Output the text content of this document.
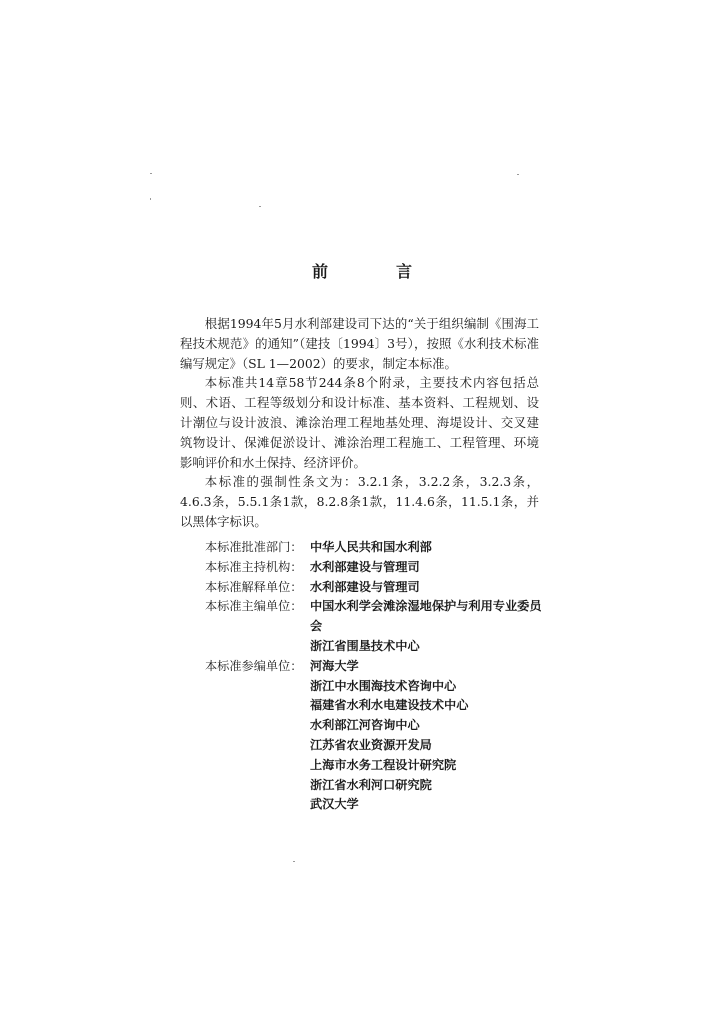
前　言

根据1994年5月水利部建设司下达的“关于组织编制《围海工程技术规范》的通知”（建技〔1994〕3号），按照《水利技术标准编写规定》（SL 1—2002）的要求，制定本标准。

本标准共14章58节244条8个附录，主要技术内容包括总则、术语、工程等级划分和设计标准、基本资料、工程规划、设计潮位与设计波浪、滩涂治理工程地基处理、海堤设计、交叉建筑物设计、保滩促淤设计、滩涂治理工程施工、工程管理、环境影响评价和水土保持、经济评价。

本标准的强制性条文为：3.2.1条，3.2.2条，3.2.3条，4.6.3条，5.5.1条1款，8.2.8条1款，11.4.6条，11.5.1条，并以黑体字标识。

本标准批准部门： 中华人民共和国水利部
本标准主持机构： 水利部建设与管理司
本标准解释单位： 水利部建设与管理司
本标准主编单位： 中国水利学会滩涂湿地保护与利用专业委员会
浙江省围垦技术中心
本标准参编单位： 河海大学
浙江中水围海技术咨询中心
福建省水利水电建设技术中心
水利部江河咨询中心
江苏省农业资源开发局
上海市水务工程设计研究院
浙江省水利河口研究院
武汉大学
